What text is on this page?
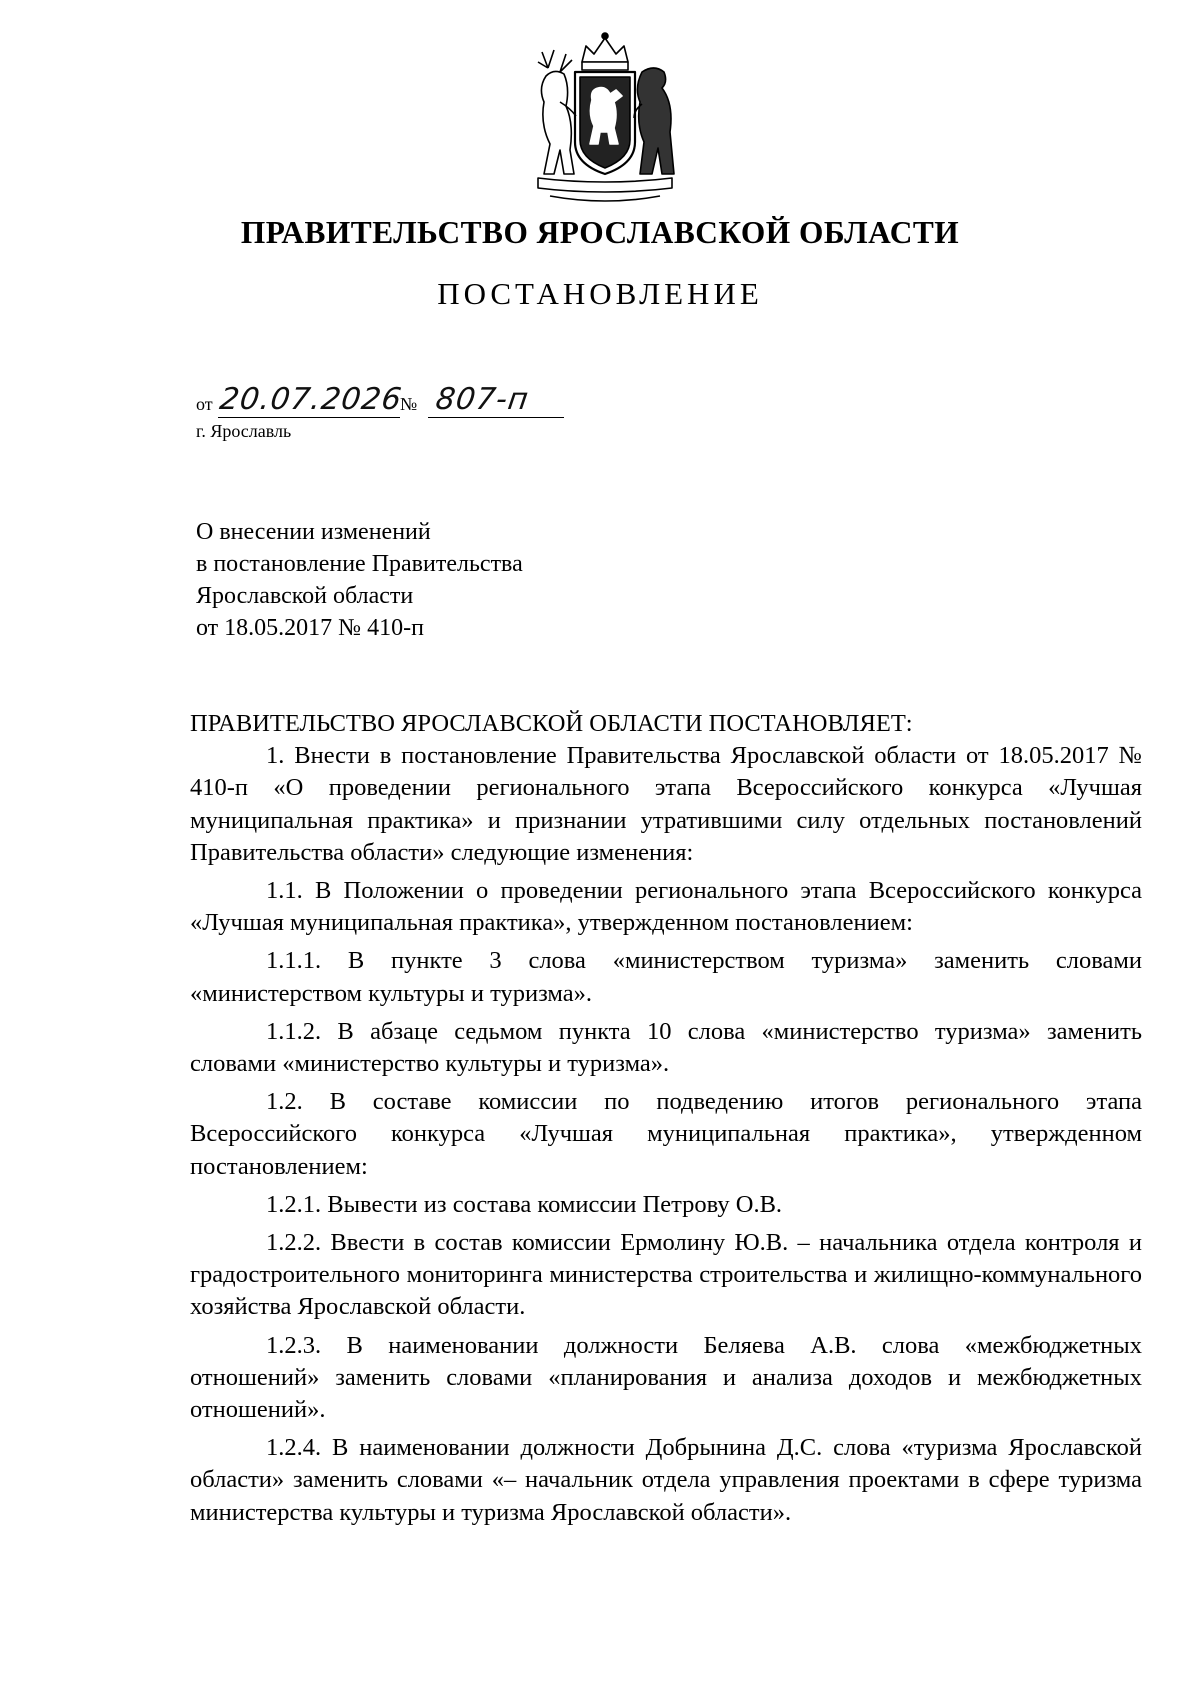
ПРАВИТЕЛЬСТВО ЯРОСЛАВСКОЙ ОБЛАСТИ
ПОСТАНОВЛЕНИЕ
от 20.07.2026
№ 807-п
г. Ярославль
О внесении изменений
в постановление Правительства
Ярославской области
от 18.05.2017 № 410-п

ПРАВИТЕЛЬСТВО ЯРОСЛАВСКОЙ ОБЛАСТИ ПОСТАНОВЛЯЕТ:

1. Внести в постановление Правительства Ярославской области от 18.05.2017 № 410-п «О проведении регионального этапа Всероссийского конкурса «Лучшая муниципальная практика» и признании утратившими силу отдельных постановлений Правительства области» следующие изменения:

1.1. В Положении о проведении регионального этапа Всероссийского конкурса «Лучшая муниципальная практика», утвержденном постановлением:

1.1.1. В пункте 3 слова «министерством туризма» заменить словами «министерством культуры и туризма».

1.1.2. В абзаце седьмом пункта 10 слова «министерство туризма» заменить словами «министерство культуры и туризма».

1.2. В составе комиссии по подведению итогов регионального этапа Всероссийского конкурса «Лучшая муниципальная практика», утвержденном постановлением:

1.2.1. Вывести из состава комиссии Петрову О.В.

1.2.2. Ввести в состав комиссии Ермолину Ю.В. – начальника отдела контроля и градостроительного мониторинга министерства строительства и жилищно-коммунального хозяйства Ярославской области.

1.2.3. В наименовании должности Беляева А.В. слова «межбюджетных отношений» заменить словами «планирования и анализа доходов и межбюджетных отношений».

1.2.4. В наименовании должности Добрынина Д.С. слова «туризма Ярославской области» заменить словами «– начальник отдела управления проектами в сфере туризма министерства культуры и туризма Ярославской области».
